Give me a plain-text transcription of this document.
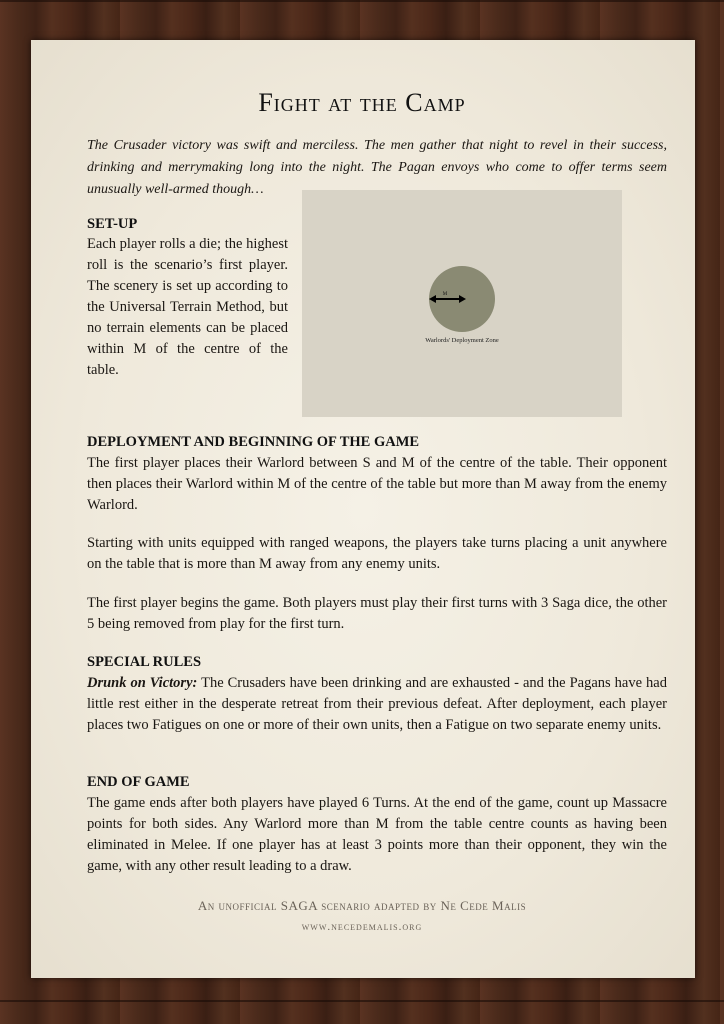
Fight at the Camp
The Crusader victory was swift and merciless. The men gather that night to revel in their success, drinking and merrymaking long into the night. The Pagan envoys who come to offer terms seem unusually well-armed though…
SET-UP
Each player rolls a die; the highest roll is the scenario’s first player. The scenery is set up according to the Universal Terrain Method, but no terrain elements can be placed within M of the centre of the table.
M
Warlords' Deployment Zone
DEPLOYMENT AND BEGINNING OF THE GAME
The first player places their Warlord between S and M of the centre of the table. Their opponent then places their Warlord within M of the centre of the table but more than M away from the enemy Warlord.
Starting with units equipped with ranged weapons, the players take turns placing a unit anywhere on the table that is more than M away from any enemy units.
The first player begins the game. Both players must play their first turns with 3 Saga dice, the other 5 being removed from play for the first turn.
SPECIAL RULES
Drunk on Victory: The Crusaders have been drinking and are exhausted - and the Pagans have had little rest either in the desperate retreat from their previous defeat. After deployment, each player places two Fatigues on one or more of their own units, then a Fatigue on two separate enemy units.
END OF GAME
The game ends after both players have played 6 Turns. At the end of the game, count up Massacre points for both sides. Any Warlord more than M from the table centre counts as having been eliminated in Melee. If one player has at least 3 points more than their opponent, they win the game, with any other result leading to a draw.
An unofficial SAGA scenario adapted by Ne Cede Malis
www.necedemalis.org
